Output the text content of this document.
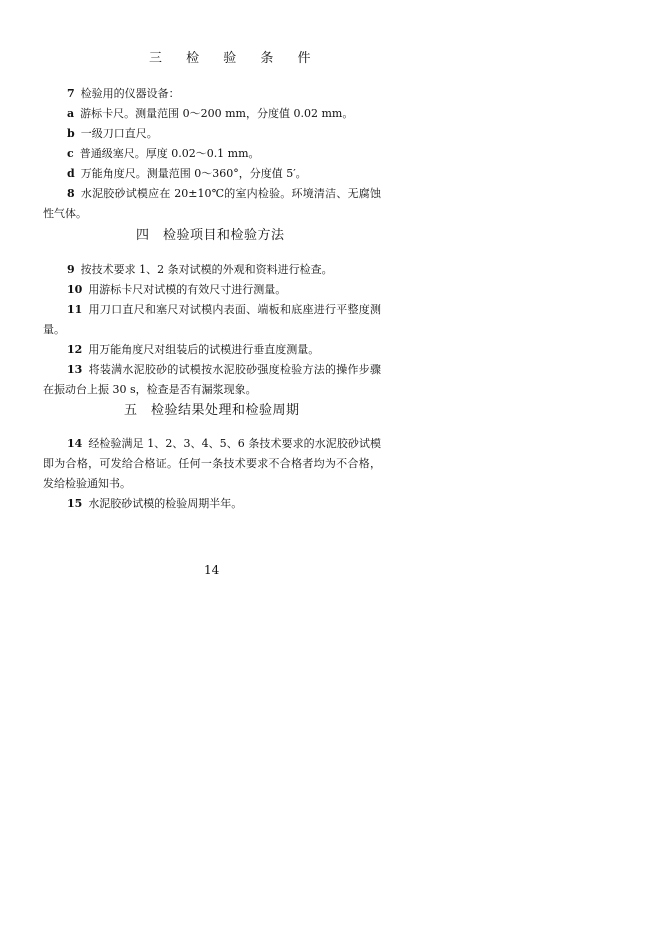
三 检 验 条 件

7 检验用的仪器设备：

a 游标卡尺。测量范围 0～200 mm，分度值 0.02 mm。

b 一级刀口直尺。

c 普通级塞尺。厚度 0.02～0.1 mm。

d 万能角度尺。测量范围 0～360°，分度值 5′。

8 水泥胶砂试模应在 20±10℃的室内检验。环境清洁、无腐蚀性气体。

四　检验项目和检验方法

9 按技术要求 1、2 条对试模的外观和资料进行检查。

10 用游标卡尺对试模的有效尺寸进行测量。

11 用刀口直尺和塞尺对试模内表面、端板和底座进行平整度测量。

12 用万能角度尺对组装后的试模进行垂直度测量。

13 将装满水泥胶砂的试模按水泥胶砂强度检验方法的操作步骤在振动台上振 30 s，检查是否有漏浆现象。

五　检验结果处理和检验周期

14 经检验满足 1、2、3、4、5、6 条技术要求的水泥胶砂试模即为合格，可发给合格证。任何一条技术要求不合格者均为不合格，发给检验通知书。

15 水泥胶砂试模的检验周期半年。

14
